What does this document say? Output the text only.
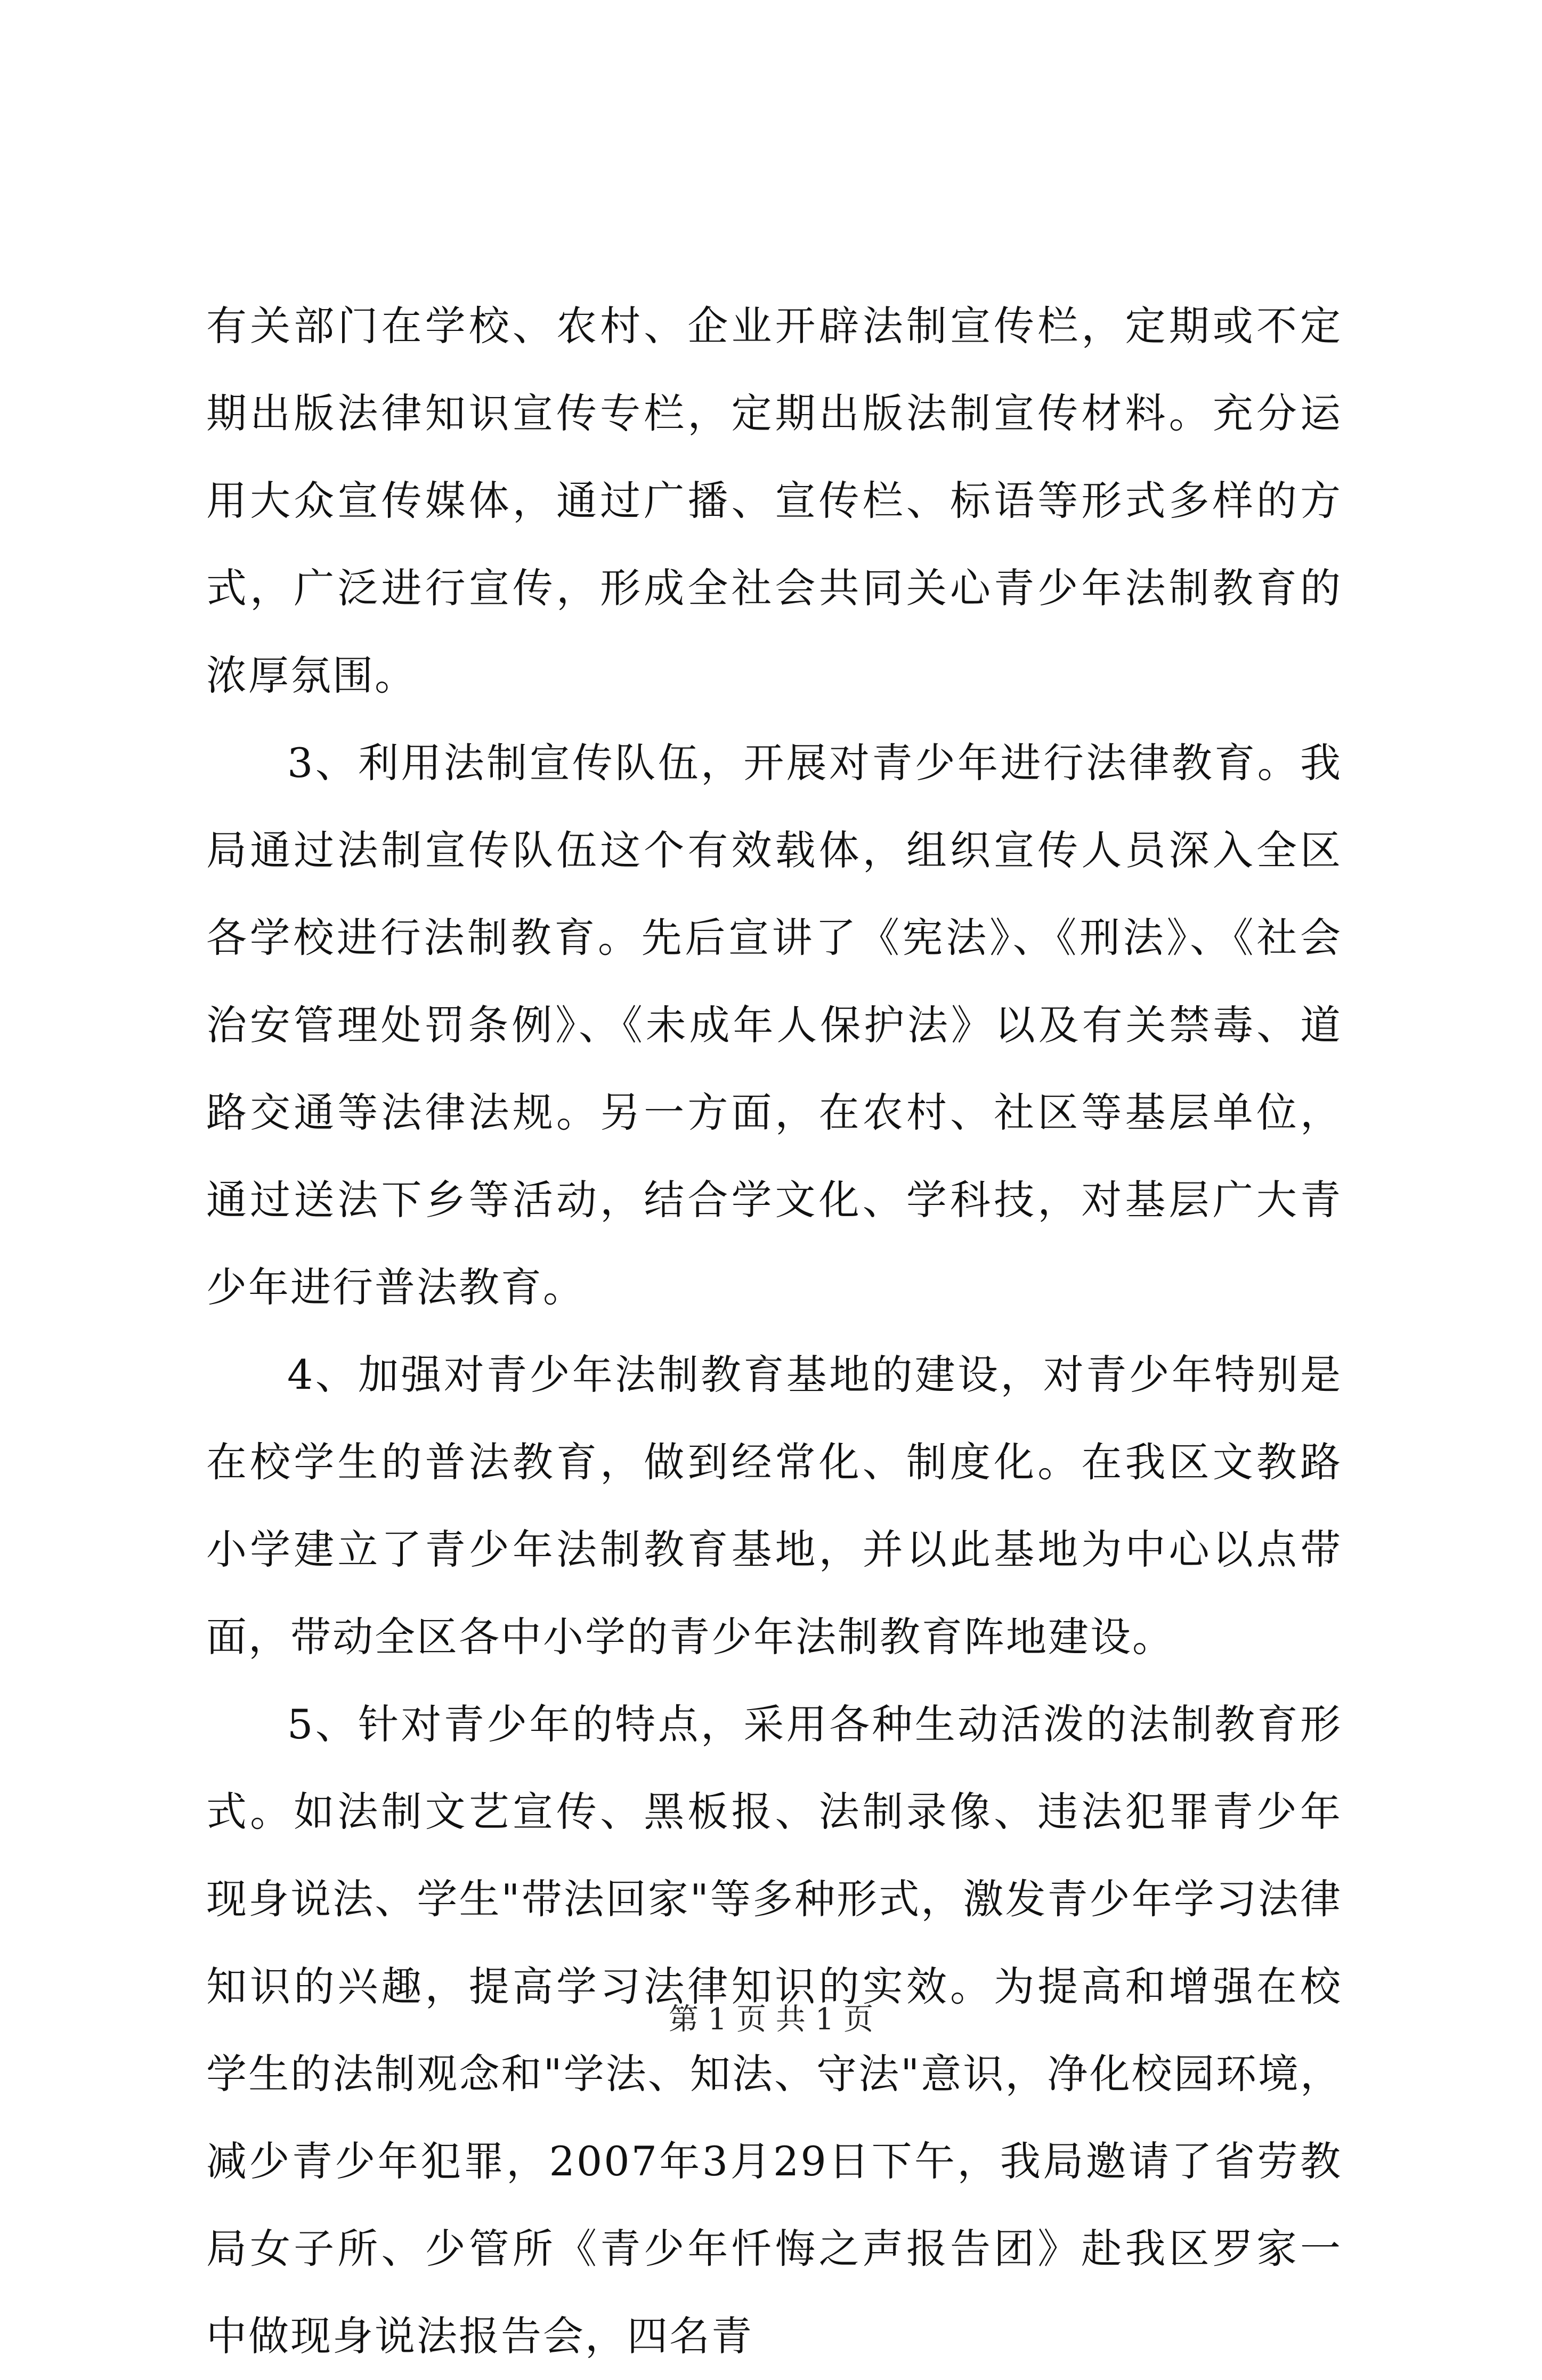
有关部门在学校、农村、企业开辟法制宣传栏，定期或不定期出版法律知识宣传专栏，定期出版法制宣传材料。充分运用大众宣传媒体，通过广播、宣传栏、标语等形式多样的方式，广泛进行宣传，形成全社会共同关心青少年法制教育的浓厚氛围。

3、利用法制宣传队伍，开展对青少年进行法律教育。我局通过法制宣传队伍这个有效载体，组织宣传人员深入全区各学校进行法制教育。先后宣讲了《宪法》、《刑法》、《社会治安管理处罚条例》、《未成年人保护法》以及有关禁毒、道路交通等法律法规。另一方面，在农村、社区等基层单位，通过送法下乡等活动，结合学文化、学科技，对基层广大青少年进行普法教育。

4、加强对青少年法制教育基地的建设，对青少年特别是在校学生的普法教育，做到经常化、制度化。在我区文教路小学建立了青少年法制教育基地，并以此基地为中心以点带面，带动全区各中小学的青少年法制教育阵地建设。

5、针对青少年的特点，采用各种生动活泼的法制教育形式。如法制文艺宣传、黑板报、法制录像、违法犯罪青少年现身说法、学生"带法回家"等多种形式，激发青少年学习法律知识的兴趣，提高学习法律知识的实效。为提高和增强在校学生的法制观念和"学法、知法、守法"意识，净化校园环境，减少青少年犯罪，2007年3月29日下午，我局邀请了省劳教局女子所、少管所《青少年忏悔之声报告团》赴我区罗家一中做现身说法报告会，四名青

第 1 页 共 1 页
